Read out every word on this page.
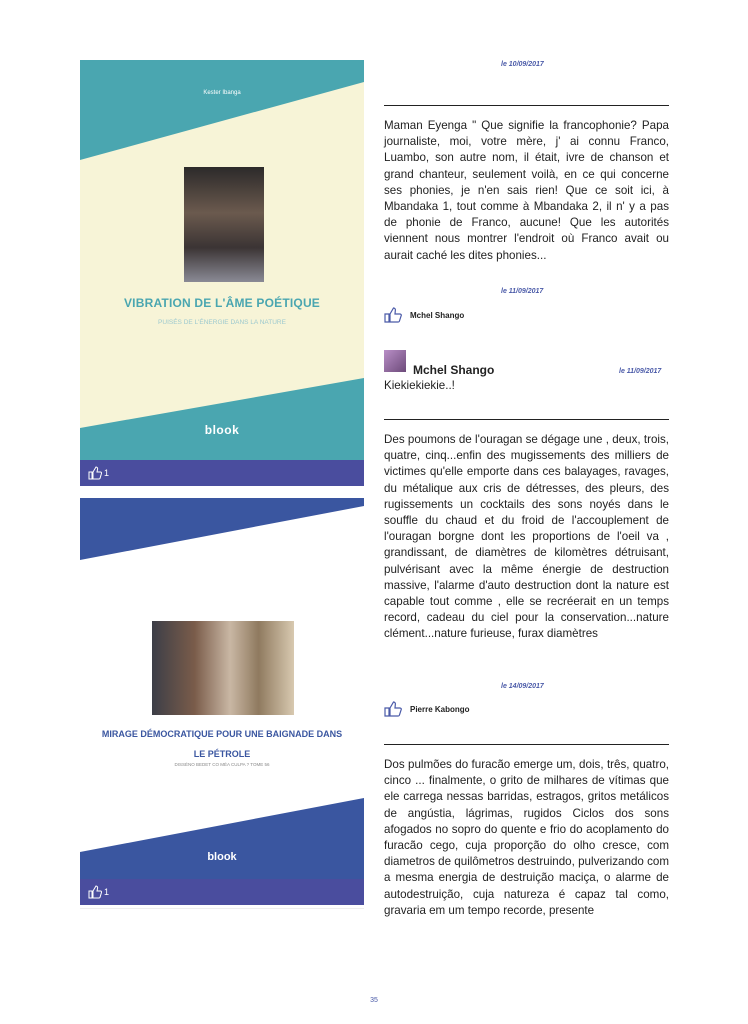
Kester Ibanga
VIBRATION DE L'ÂME POÉTIQUE
PUISÉS DE L'ÉNERGIE DANS LA NATURE
blook
1
MIRAGE DÉMOCRATIQUE POUR UNE BAIGNADE DANS
LE PÉTROLE
DISSÉNO BEDET CO MÉA CULPA ? TOME 56
blook
1
le 10/09/2017
Maman Eyenga " Que signifie la francophonie? Papa journaliste, moi, votre mère, j' ai connu Franco, Luambo, son autre nom, il était, ivre de chanson et grand chanteur, seulement voilà, en ce qui concerne ses phonies, je n'en sais rien! Que ce soit ici, à Mbandaka 1, tout comme à Mbandaka 2, il n' y a pas de phonie de Franco, aucune! Que les autorités viennent nous montrer l'endroit où Franco avait ou aurait caché les dites phonies...
le 11/09/2017
Mchel Shango
Mchel Shango	le 11/09/2017
Kiekiekiekie..!
Des poumons de l'ouragan se dégage une , deux, trois, quatre, cinq...enfin des mugissements des milliers de victimes qu'elle emporte dans ces balayages, ravages, du métalique aux cris de détresses, des pleurs, des rugissements un cocktails des sons noyés dans le souffle du chaud et du froid de l'accouplement de l'ouragan borgne dont les proportions de l'oeil va , grandissant, de diamètres de kilomètres détruisant, pulvérisant avec la même énergie de destruction massive, l'alarme d'auto destruction dont la nature est capable tout comme , elle se recréerait en un temps record, cadeau du ciel pour la conservation...nature clément...nature furieuse, furax diamètres
le 14/09/2017
Pierre Kabongo
Dos pulmões do furacão emerge um, dois, três, quatro, cinco ... finalmente, o grito de milhares de vítimas que ele carrega nessas barridas, estragos, gritos metálicos de angústia, lágrimas, rugidos Ciclos dos sons afogados no sopro do quente e frio do acoplamento do furacão cego, cuja proporção do olho cresce, com diametros de quilômetros destruindo, pulverizando com a mesma energia de destruição maciça, o alarme de autodestruição, cuja natureza é capaz tal como, gravaria em um tempo recorde, presente
35
